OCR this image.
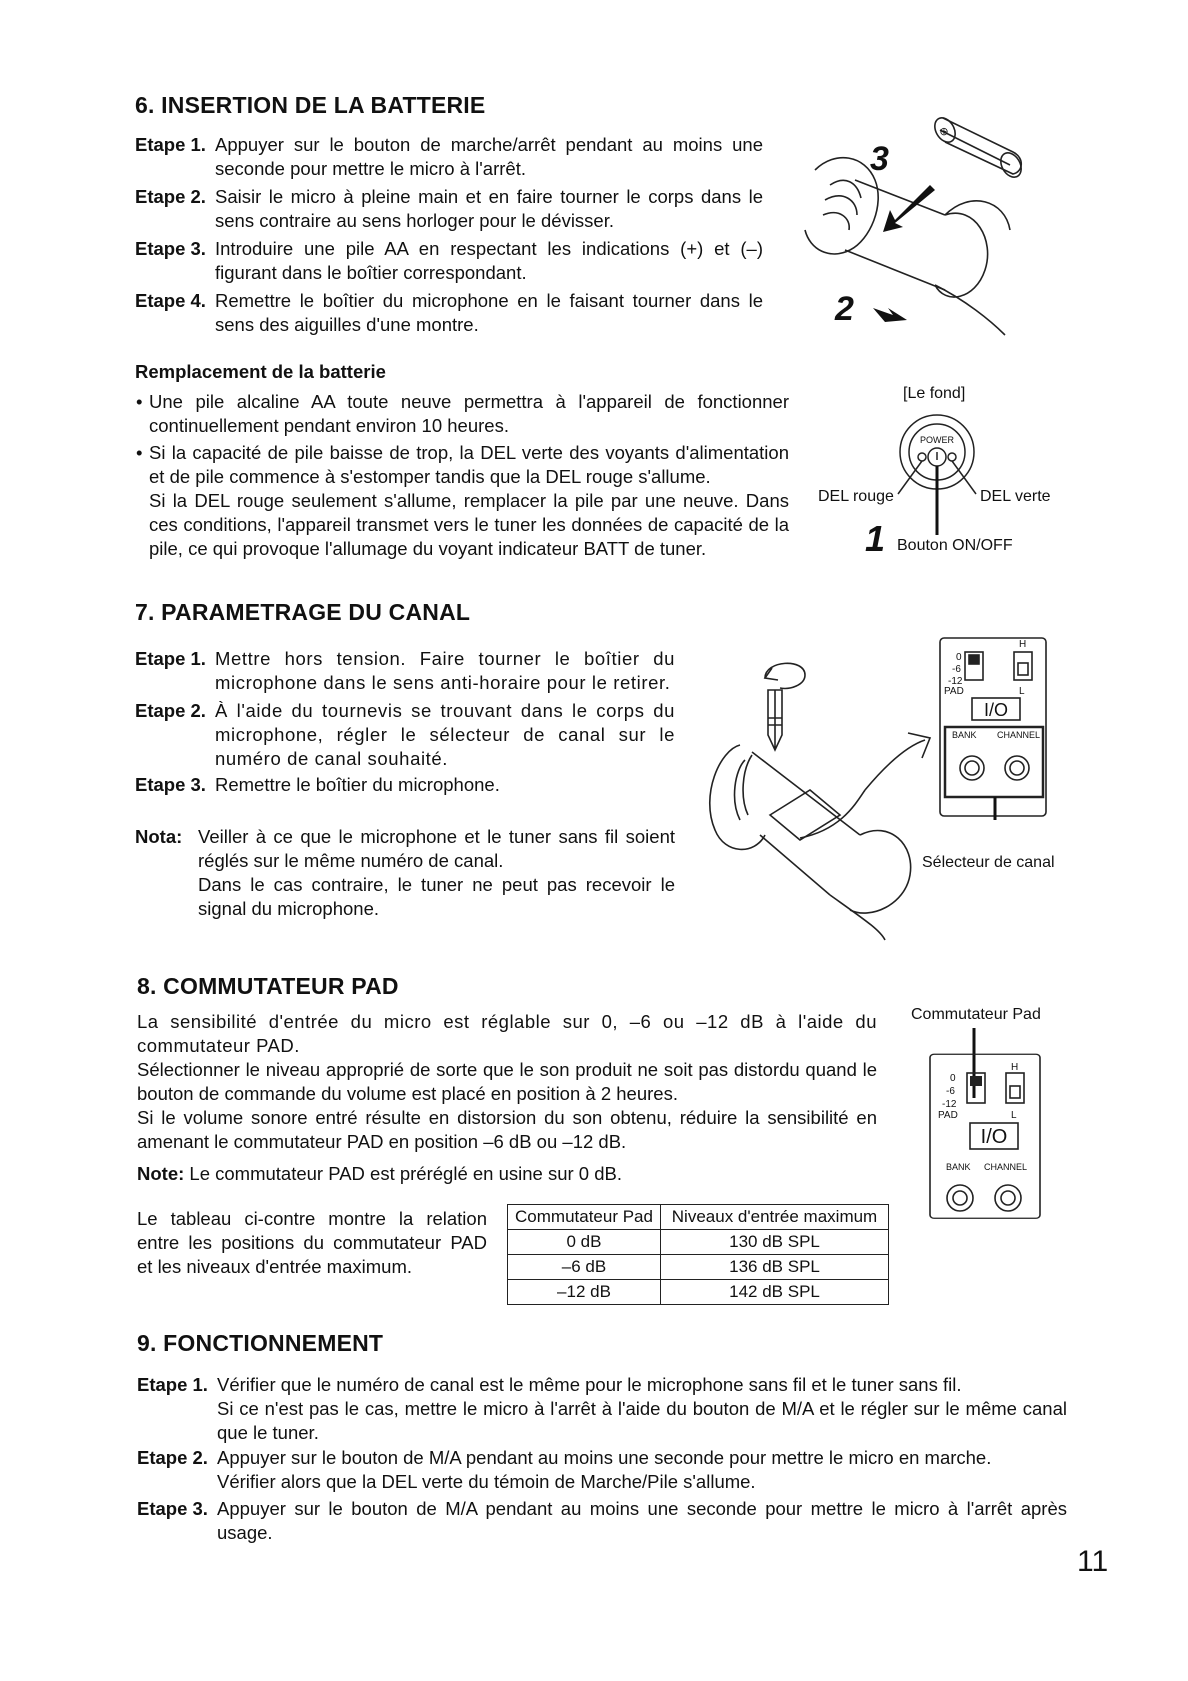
6. INSERTION DE LA BATTERIE
Etape 1. Appuyer sur le bouton de marche/arrêt pendant au moins une seconde pour mettre le micro à l'arrêt.
Etape 2. Saisir le micro à pleine main et en faire tourner le corps dans le sens contraire au sens horloger pour le dévisser.
Etape 3. Introduire une pile AA en respectant les indications (+) et (–) figurant dans le boîtier correspondant.
Etape 4. Remettre le boîtier du microphone en le faisant tourner dans le sens des aiguilles d'une montre.
Remplacement de la batterie
• Une pile alcaline AA toute neuve permettra à l'appareil de fonctionner continuellement pendant environ 10 heures.
• Si la capacité de pile baisse de trop, la DEL verte des voyants d'alimentation et de pile commence à s'estomper tandis que la DEL rouge s'allume.
Si la DEL rouge seulement s'allume, remplacer la pile par une neuve. Dans ces conditions, l'appareil transmet vers le tuner les données de capacité de la pile, ce qui provoque l'allumage du voyant indicateur BATT de tuner.
3
2
⊕
[Le fond]
POWER
DEL rouge	DEL verte
1 Bouton ON/OFF
7. PARAMETRAGE DU CANAL
Etape 1. Mettre hors tension. Faire tourner le boîtier du microphone dans le sens anti-horaire pour le retirer.
Etape 2. À l'aide du tournevis se trouvant dans le corps du microphone, régler le sélecteur de canal sur le numéro de canal souhaité.
Etape 3. Remettre le boîtier du microphone.
Nota: Veiller à ce que le microphone et le tuner sans fil soient réglés sur le même numéro de canal.
Dans le cas contraire, le tuner ne peut pas recevoir le signal du microphone.
0
-6
-12
PAD
H
L
I/O
BANK CHANNEL
Sélecteur de canal
8. COMMUTATEUR PAD
La sensibilité d'entrée du micro est réglable sur 0, –6 ou –12 dB à l'aide du commutateur PAD.
Sélectionner le niveau approprié de sorte que le son produit ne soit pas distordu quand le bouton de commande du volume est placé en position à 2 heures.
Si le volume sonore entré résulte en distorsion du son obtenu, réduire la sensibilité en amenant le commutateur PAD en position –6 dB ou –12 dB.
Note: Le commutateur PAD est préréglé en usine sur 0 dB.
Le tableau ci-contre montre la relation entre les positions du commutateur PAD et les niveaux d'entrée maximum.
Commutateur Pad	Niveaux d'entrée maximum
0 dB	130 dB SPL
–6 dB	136 dB SPL
–12 dB	142 dB SPL
Commutateur Pad
0
-6
-12
PAD
H
L
I/O
BANK CHANNEL
9. FONCTIONNEMENT
Etape 1. Vérifier que le numéro de canal est le même pour le microphone sans fil et le tuner sans fil.
Si ce n'est pas le cas, mettre le micro à l'arrêt à l'aide du bouton de M/A et le régler sur le même canal que le tuner.
Etape 2. Appuyer sur le bouton de M/A pendant au moins une seconde pour mettre le micro en marche.
Vérifier alors que la DEL verte du témoin de Marche/Pile s'allume.
Etape 3. Appuyer sur le bouton de M/A pendant au moins une seconde pour mettre le micro à l'arrêt après usage.
11
